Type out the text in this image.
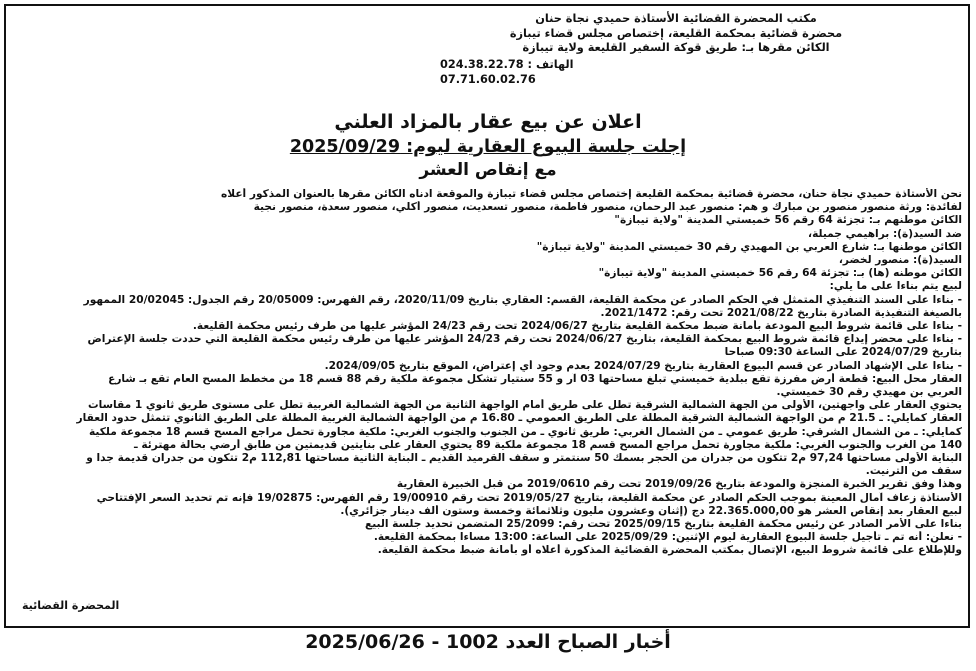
مكتب المحضرة القضائية الأستاذة حميدي نجاة حنان
محضرة قضائية بمحكمة القليعة، إختصاص مجلس قضاء تيبازة
الكائن مقرها بـ: طريق قوكة السفير القليعة ولاية تيبازة
الهاتف : 024.38.22.78
07.71.60.02.76
اعلان عن بيع عقار بالمزاد العلني
إجلت جلسة البيوع العقارية ليوم: 2025/09/29
مع إنقاص العشر
نحن الأستاذة حميدي نجاة حنان، محضرة قضائية بمحكمة القليعة إختصاص مجلس قضاء تيبازة والموقعة ادناه الكائن مقرها بالعنوان المذكور أعلاه
لفائدة: ورثة منصور منصور بن مبارك و هم: منصور عبد الرحمان، منصور فاطمة، منصور تسعديت، منصور أكلي، منصور سعدة، منصور نجية
الكائن موطنهم بـ: تجزئة 64 رقم 56 خميستي المدينة "ولاية تيبازة"
ضد السيد(ة): براهيمي جميلة،
الكائن موطنها بـ: شارع العربي بن المهيدي رقم 30 خميستي المدينة "ولاية تيبازة"
السيد(ة): منصور لخضر،
الكائن موطنه (ها) بـ: تجزئة 64 رقم 56 خميستي المدينة "ولاية تيبازة"
لبيع يتم بناءا على ما يلي:
- بناءا على السند التنفيذي المتمثل في الحكم الصادر عن محكمة القليعة، القسم: العقاري بتاريخ 2020/11/09، رقم الفهرس: 20/05009 رقم الجدول: 20/02045 الممهور
بالصيغة التنفيذية الصادرة بتاريخ 2021/08/22 تحت رقم: 2021/1472.
- بناءا على قائمة شروط البيع المودعة بأمانة ضبط محكمة القليعة بتاريخ 2024/06/27 تحت رقم 24/23 المؤشر عليها من طرف رئيس محكمة القليعة.
- بناءا على محضر إيداع قائمة شروط البيع بمحكمة القليعة، بتاريخ 2024/06/27 تحت رقم 24/23 المؤشر عليها من طرف رئيس محكمة القليعة التي حددت جلسة الإعتراض
بتاريخ 2024/07/29 على الساعة 09:30 صباحا
- بناءا على الإشهاد الصادر عن قسم البيوع العقارية بتاريخ 2024/07/29 بعدم وجود أي إعتراض، الموقع بتاريخ 2024/09/05.
العقار محل البيع: قطعة أرض مفرزة تقع ببلدية خميستي تبلغ مساحتها 03 آر و 55 سنتيار تشكل مجموعة ملكية رقم 88 قسم 18 من مخطط المسح العام تقع بـ شارع
العربي بن مهيدي رقم 30 خميستي.
يحتوي العقار على واجهتين، الأولى من الجهة الشمالية الشرقية تطل على طريق أمام الواجهة الثانية من الجهة الشمالية الغربية تطل على مستوى طريق ثانوي 1 مقاسات
العقار كمايلي: ـ 21.5 م من الواجهة الشمالية الشرقية المطلة على الطريق العمومي ـ 16.80 م من الواجهة الشمالية الغربية المطلة على الطريق الثانوي تتمثل حدود العقار
كمايلي: ـ من الشمال الشرقي: طريق عمومي ـ من الشمال الغربي: طريق ثانوي ـ من الجنوب والجنوب الغربي: ملكية مجاورة تحمل مراجع المسح قسم 18 مجموعة ملكية
140 من الغرب والجنوب الغربي: ملكية مجاورة تحمل مراجع المسح قسم 18 مجموعة ملكية 89 يحتوي العقار على بنايتين قديمتين من طابق أرضي بحالة مهترئة ـ
البناية الأولى مساحتها 97,24 م2 تتكون من جدران من الحجر بسمك 50 سنتمتر و سقف القرميد القديم ـ البناية الثانية مساحتها 112,81 م2 تتكون من جدران قديمة جدا و
سقف من الترنيت.
وهذا وفق تقرير الخبرة المنجزة والمودعة بتاريخ 2019/09/26 تحت رقم 2019/0610 من قبل الخبيرة العقارية
الأستاذة زعاف آمال المعينة بموجب الحكم الصادر عن محكمة القليعة، بتاريخ 2019/05/27 تحت رقم 19/00910 رقم الفهرس: 19/02875 فإنه تم تحديد السعر الإفتتاحي
لبيع العقار بعد إنقاص العشر هو 22.365.000,00 دج (إثنان وعشرون مليون وثلاثمائة وخمسة وستون ألف دينار جزائري).
بناءا على الأمر الصادر عن رئيس محكمة القليعة بتاريخ 2025/09/15 تحت رقم: 25/2099 المتضمن تحديد جلسة البيع
- نعلن: أنه تم ـ تأجيل جلسة البيوع العقارية ليوم الإثنين: 2025/09/29 على الساعة: 13:00 مساءا بمحكمة القليعة.
وللإطلاع على قائمة شروط البيع، الإتصال بمكتب المحضرة القضائية المذكورة أعلاه أو بأمانة ضبط محكمة القليعة.
المحضرة القضائية
أخبار الصباح العدد 1002 - 2025/06/26
